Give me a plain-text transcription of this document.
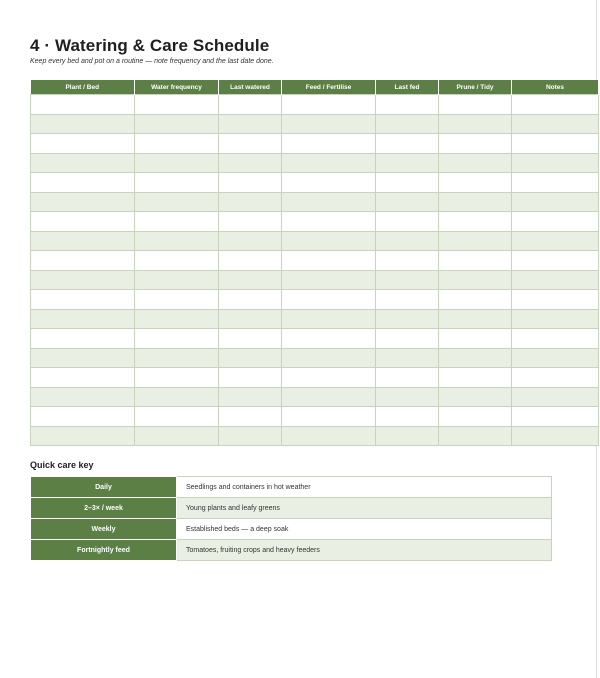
4 · Watering & Care Schedule
Keep every bed and pot on a routine — note frequency and the last date done.
Plant / Bed	Water frequency	Last watered	Feed / Fertilise	Last fed	Prune / Tidy	Notes

Quick care key
Daily	Seedlings and containers in hot weather
2–3× / week	Young plants and leafy greens
Weekly	Established beds — a deep soak
Fortnightly feed	Tomatoes, fruiting crops and heavy feeders
